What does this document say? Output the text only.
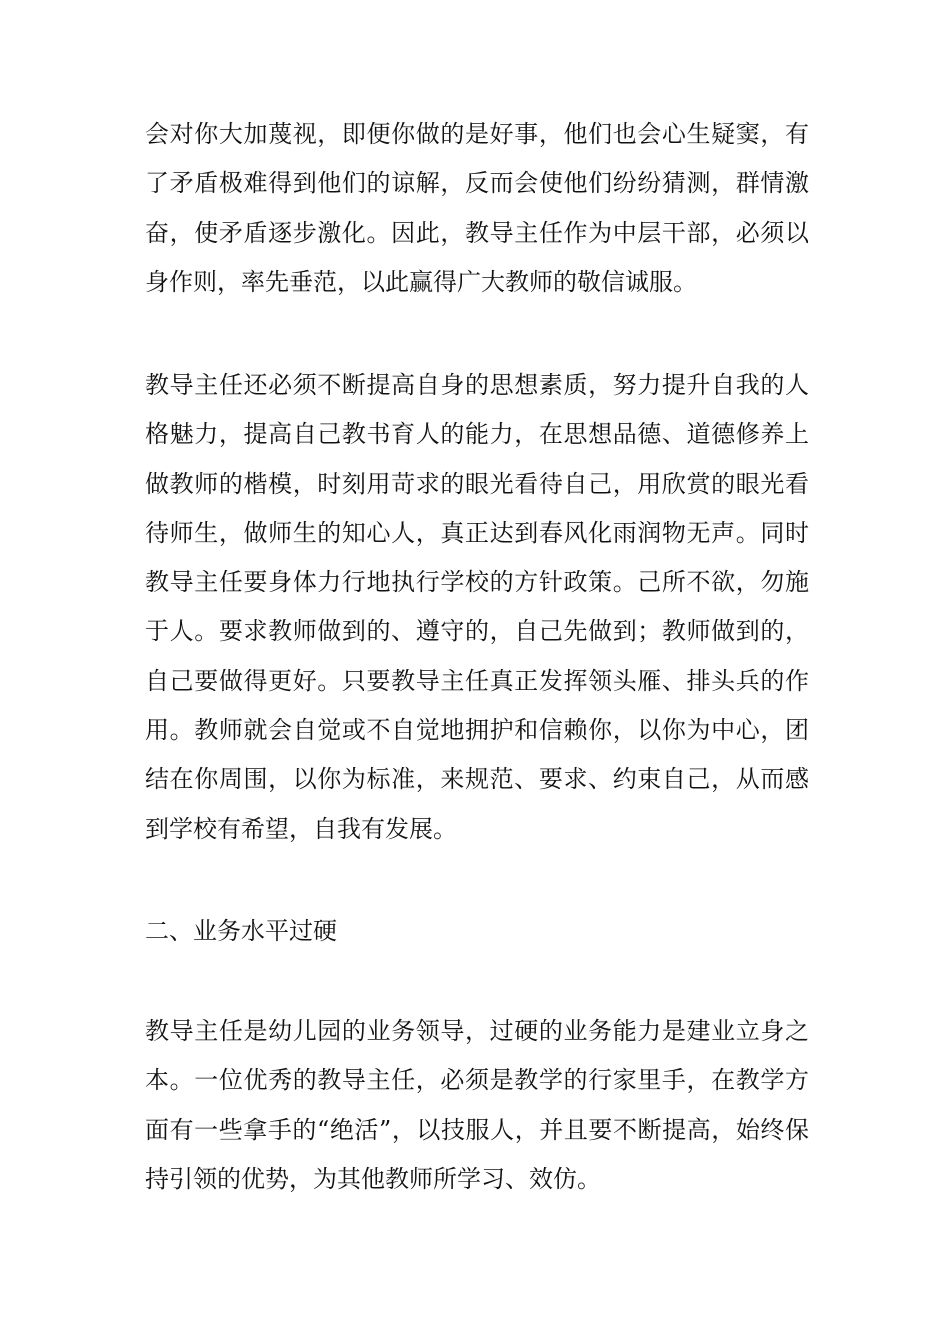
会对你大加蔑视，即便你做的是好事，他们也会心生疑窦，有了矛盾极难得到他们的谅解，反而会使他们纷纷猜测，群情激奋，使矛盾逐步激化。因此，教导主任作为中层干部，必须以身作则，率先垂范，以此赢得广大教师的敬信诚服。

教导主任还必须不断提高自身的思想素质，努力提升自我的人格魅力，提高自己教书育人的能力，在思想品德、道德修养上做教师的楷模，时刻用苛求的眼光看待自己，用欣赏的眼光看待师生，做师生的知心人，真正达到春风化雨润物无声。同时教导主任要身体力行地执行学校的方针政策。己所不欲，勿施于人。要求教师做到的、遵守的，自己先做到；教师做到的，自己要做得更好。只要教导主任真正发挥领头雁、排头兵的作用。教师就会自觉或不自觉地拥护和信赖你，以你为中心，团结在你周围，以你为标准，来规范、要求、约束自己，从而感到学校有希望，自我有发展。

二、业务水平过硬

教导主任是幼儿园的业务领导，过硬的业务能力是建业立身之本。一位优秀的教导主任，必须是教学的行家里手，在教学方面有一些拿手的“绝活”，以技服人，并且要不断提高，始终保持引领的优势，为其他教师所学习、效仿。
